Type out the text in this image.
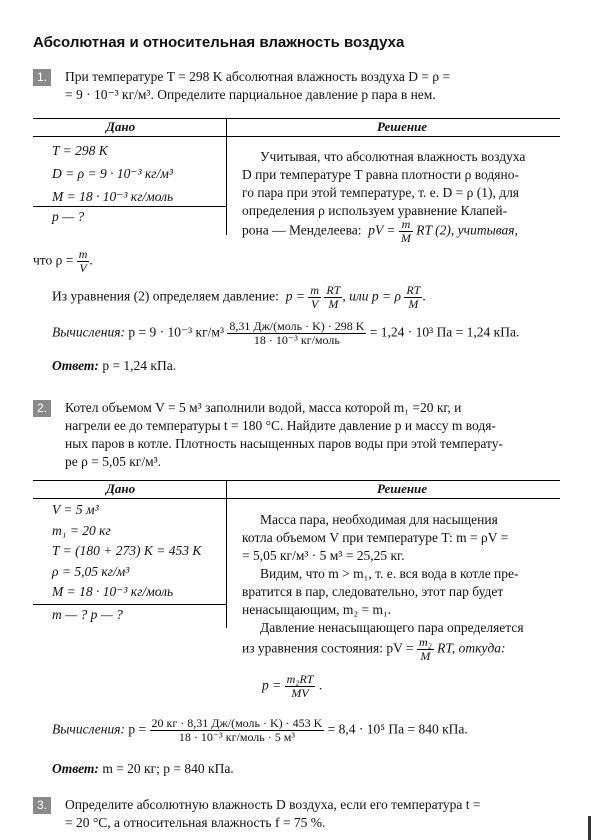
Абсолютная и относительная влажность воздуха
1. При температуре T = 298 K абсолютная влажность воздуха D = ρ =
= 9 · 10⁻³ кг/м³. Определите парциальное давление p пара в нем.
Дано	Решение
T = 298 K
D = ρ = 9 · 10⁻³ кг/м³
M = 18 · 10⁻³ кг/моль
p — ?
Учитывая, что абсолютная влажность воздуха
D при температуре T равна плотности ρ водяно-
го пара при этой температуре, т. е. D = ρ (1), для
определения ρ используем уравнение Клапей-
рона — Менделеева: pV = $\frac{m}{M}$ RT (2), учитывая,
что $\rho = \frac{m}{V}$ .
Из уравнения (2) определяем давление: $p = \frac{m}{V}$
$\frac{RT}{M}$ , или p = ρ $\frac{RT}{M}$ .
Вычисления: p = 9 · 10⁻³ $кг/м^3 \frac{\text{8,31 Дж/(моль · K) · 298 K}}{\text{18 · 10⁻³ кг/моль}} = 1,24 \cdot 10^3$ Па = 1,24 кПа.
Ответ: p = 1,24 кПа.
2. Котел объемом V = 5 м³ заполнили водой, масса которой m₁ =20 кг, и
нагрели ее до температуры t = 180 °С. Найдите давление p и массу m водя-
ных паров в котле. Плотность насыщенных паров воды при этой температу-
ре ρ = 5,05 кг/м³.
Дано	Решение
V = 5 м³
m₁ = 20 кг
T = (180 + 273) K = 453 K
ρ = 5,05 кг/м³
M = 18 · 10⁻³ кг/моль
m — ? p — ?
Масса пара, необходимая для насыщения
котла объемом V при температуре T: m = ρV =
= 5,05 кг/м³ · 5 м³ = 25,25 кг.
Видим, что m > m₁, т. е. вся вода в котле пре-
вратится в пар, следовательно, этот пар будет
ненасыщающим, m₂ = m₁.
Давление ненасыщающего пара определяется
из уравнения состояния: pV = $\frac{\text{m₂}}{M}$ RT, откуда:
$p = \frac{\text{m₂RT}}{MV}$ .
Вычисления: $p = \frac{\text{20 кг · 8,31 Дж/(моль · K) · 453 K}}{\text{18 · 10⁻³ кг/моль · 5 м³}} = 8,4 \cdot 10^5$ Па = 840 кПа.
Ответ: m = 20 кг; p = 840 кПа.
3. Определите абсолютную влажность D воздуха, если его температура t =
= 20 °С, а относительная влажность f = 75 %.
